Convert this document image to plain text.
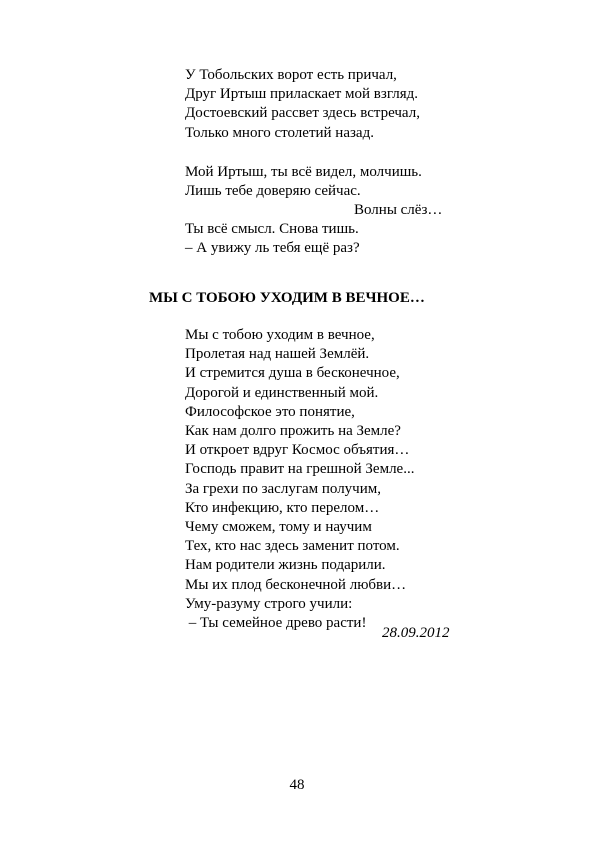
У Тобольских ворот есть причал,
Друг Иртыш приласкает мой взгляд.
Достоевский рассвет здесь встречал,
Только много столетий назад.
Мой Иртыш, ты всё видел, молчишь.
Лишь тебе доверяю сейчас.
Волны слёз…
Ты всё смысл. Снова тишь.
– А увижу ль тебя ещё раз?
МЫ С ТОБОЮ УХОДИМ В ВЕЧНОЕ…
Мы с тобою уходим в вечное,
Пролетая над нашей Землёй.
И стремится душа в бесконечное,
Дорогой и единственный мой.
Философское это понятие,
Как нам долго прожить на Земле?
И откроет вдруг Космос объятия…
Господь правит на грешной Земле...
За грехи по заслугам получим,
Кто инфекцию, кто перелом…
Чему сможем, тому и научим
Тех, кто нас здесь заменит потом.
Нам родители жизнь подарили.
Мы их плод бесконечной любви…
Уму-разуму строго учили:
– Ты семейное древо расти!
28.09.2012
48
